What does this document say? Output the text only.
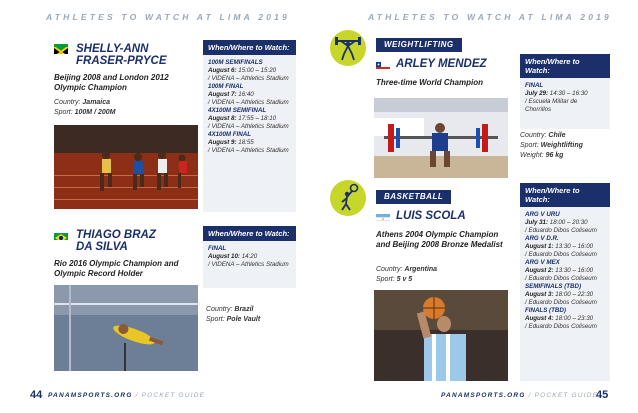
ATHLETES TO WATCH AT LIMA 2019	ATHLETES TO WATCH AT LIMA 2019
SHELLY-ANN
FRASER-PRYCE
Beijing 2008 and London 2012 Olympic Champion
Country: Jamaica
Sport: 100M / 200M
When/Where to Watch:
100M SEMIFINALS
August 6: 15:00 – 15:20
/ VIDENA – Athletics Stadium
100M FINAL
August 7: 16:40
/ VIDENA – Athletics Stadium
4X100M SEMIFINAL
August 8: 17:55 – 18:10
/ VIDENA – Athletics Stadium
4X100M FINAL
August 9: 18:55
/ VIDENA – Athletics Stadium
THIAGO BRAZ
DA SILVA
Rio 2016 Olympic Champion and Olympic Record Holder
When/Where to Watch:
FINAL
August 10: 14:20
/ VIDENA – Athletics Stadium
Country: Brazil
Sport: Pole Vault
44 PANAMSPORTS.ORG / POCKET GUIDE
WEIGHTLIFTING
ARLEY MENDEZ
Three-time World Champion
When/Where to Watch:
FINAL
July 29: 14:30 – 16:30
/ Escuela Militar de Chorrillos
Country: Chile
Sport: Weightlifting
Weight: 96 kg
BASKETBALL
LUIS SCOLA
Athens 2004 Olympic Champion and Beijing 2008 Bronze Medalist
Country: Argentina
Sport: 5 v 5
When/Where to Watch:
ARG V URU
July 31: 18:00 – 20:30
/ Eduardo Dibos Coliseum
ARG V D.R.
August 1: 13:30 – 16:00
/ Eduardo Dibos Coliseum
ARG V MEX
August 2: 13:30 – 16:00
/ Eduardo Dibos Coliseum
SEMIFINALS (TBD)
August 3: 18:00 – 22:30
/ Eduardo Dibos Coliseum
FINALS (TBD)
August 4: 18:00 – 23:30
/ Eduardo Dibos Coliseum
PANAMSPORTS.ORG / POCKET GUIDE
45
